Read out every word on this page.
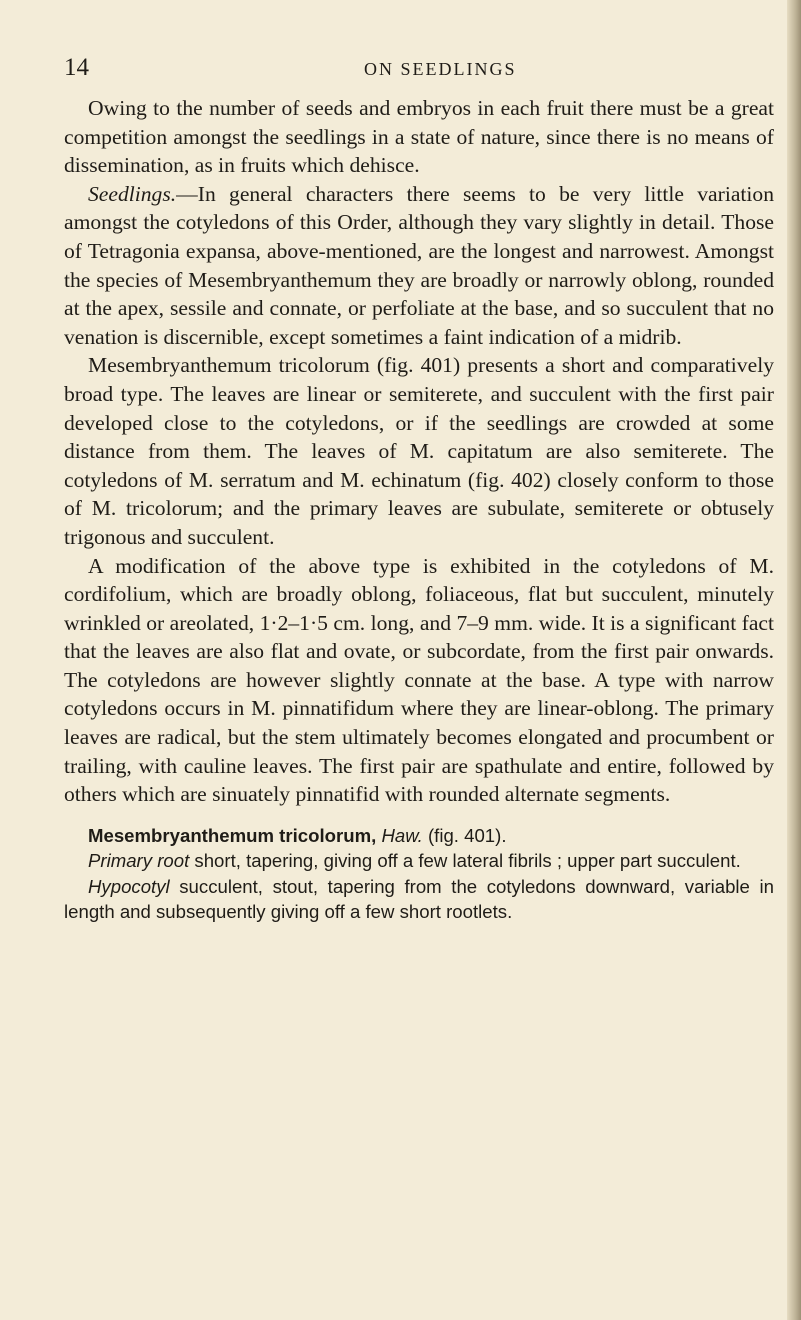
14	ON SEEDLINGS

Owing to the number of seeds and embryos in each fruit there must be a great competition amongst the seedlings in a state of nature, since there is no means of dissemination, as in fruits which dehisce.

Seedlings.—In general characters there seems to be very little variation amongst the cotyledons of this Order, although they vary slightly in detail. Those of Tetragonia expansa, above-mentioned, are the longest and narrowest. Amongst the species of Mesembryanthemum they are broadly or narrowly oblong, rounded at the apex, sessile and connate, or perfoliate at the base, and so succulent that no venation is discernible, except sometimes a faint indication of a midrib.

Mesembryanthemum tricolorum (fig. 401) presents a short and comparatively broad type. The leaves are linear or semiterete, and succulent with the first pair developed close to the cotyledons, or if the seedlings are crowded at some distance from them. The leaves of M. capitatum are also semiterete. The cotyledons of M. serratum and M. echinatum (fig. 402) closely conform to those of M. tricolorum; and the primary leaves are subulate, semiterete or obtusely trigonous and succulent.

A modification of the above type is exhibited in the cotyledons of M. cordifolium, which are broadly oblong, foliaceous, flat but succulent, minutely wrinkled or areolated, 1·2–1·5 cm. long, and 7–9 mm. wide. It is a significant fact that the leaves are also flat and ovate, or subcordate, from the first pair onwards. The cotyledons are however slightly connate at the base. A type with narrow cotyledons occurs in M. pinnatifidum where they are linear-oblong. The primary leaves are radical, but the stem ultimately becomes elongated and procumbent or trailing, with cauline leaves. The first pair are spathulate and entire, followed by others which are sinuately pinnatifid with rounded alternate segments.

Mesembryanthemum tricolorum, Haw. (fig. 401).

Primary root short, tapering, giving off a few lateral fibrils ; upper part succulent.

Hypocotyl succulent, stout, tapering from the cotyledons downward, variable in length and subsequently giving off a few short rootlets.
